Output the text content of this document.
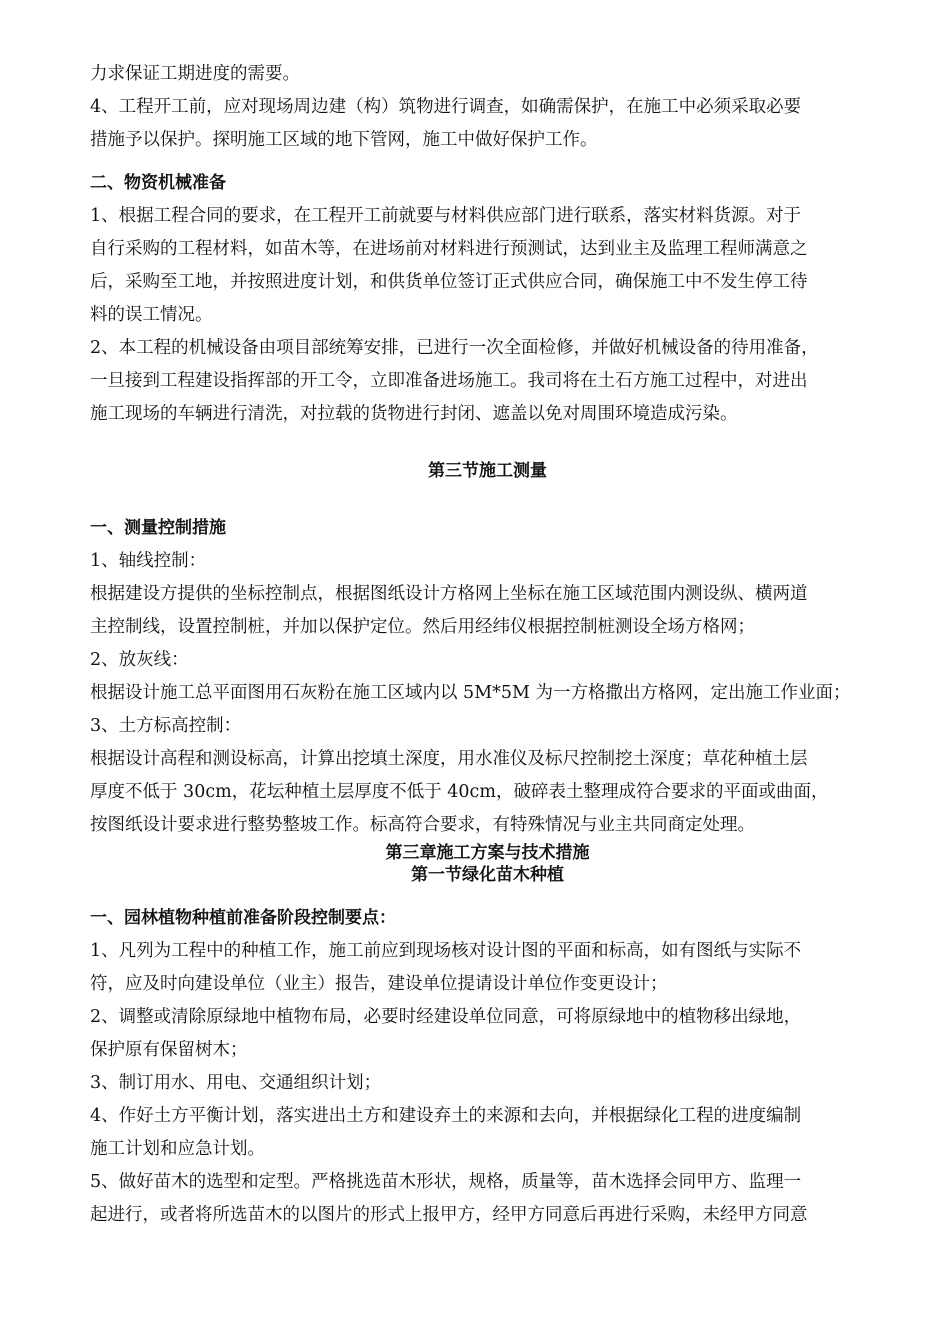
力求保证工期进度的需要。
4、工程开工前，应对现场周边建（构）筑物进行调查，如确需保护，在施工中必须采取必要
措施予以保护。探明施工区域的地下管网，施工中做好保护工作。
二、物资机械准备
1、根据工程合同的要求，在工程开工前就要与材料供应部门进行联系，落实材料货源。对于
自行采购的工程材料，如苗木等，在进场前对材料进行预测试，达到业主及监理工程师满意之
后，采购至工地，并按照进度计划，和供货单位签订正式供应合同，确保施工中不发生停工待
料的误工情况。
2、本工程的机械设备由项目部统筹安排，已进行一次全面检修，并做好机械设备的待用准备，
一旦接到工程建设指挥部的开工令，立即准备进场施工。我司将在土石方施工过程中，对进出
施工现场的车辆进行清洗，对拉载的货物进行封闭、遮盖以免对周围环境造成污染。
第三节施工测量
一、测量控制措施
1、轴线控制：
根据建设方提供的坐标控制点，根据图纸设计方格网上坐标在施工区域范围内测设纵、横两道
主控制线，设置控制桩，并加以保护定位。然后用经纬仪根据控制桩测设全场方格网；
2、放灰线：
根据设计施工总平面图用石灰粉在施工区域内以 5M*5M 为一方格撒出方格网，定出施工作业面；
3、土方标高控制：
根据设计高程和测设标高，计算出挖填土深度，用水准仪及标尺控制挖土深度；草花种植土层
厚度不低于 30cm，花坛种植土层厚度不低于 40cm，破碎表土整理成符合要求的平面或曲面，
按图纸设计要求进行整势整坡工作。标高符合要求，有特殊情况与业主共同商定处理。
第三章施工方案与技术措施
第一节绿化苗木种植
一、园林植物种植前准备阶段控制要点：
1、凡列为工程中的种植工作，施工前应到现场核对设计图的平面和标高，如有图纸与实际不
符，应及时向建设单位（业主）报告，建设单位提请设计单位作变更设计；
2、调整或清除原绿地中植物布局，必要时经建设单位同意，可将原绿地中的植物移出绿地，
保护原有保留树木；
3、制订用水、用电、交通组织计划；
4、作好土方平衡计划，落实进出土方和建设弃土的来源和去向，并根据绿化工程的进度编制
施工计划和应急计划。
5、做好苗木的选型和定型。严格挑选苗木形状，规格，质量等，苗木选择会同甲方、监理一
起进行，或者将所选苗木的以图片的形式上报甲方，经甲方同意后再进行采购，未经甲方同意
